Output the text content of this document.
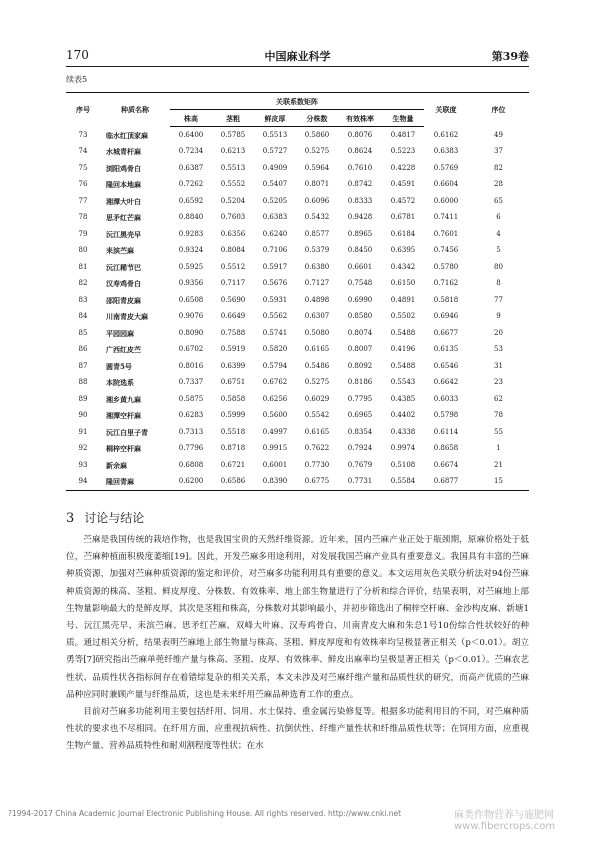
170	中国麻业科学	第39卷
续表5
序号	种质名称	关联系数矩阵						关联度	序位
		株高	茎粗	鲜皮厚	分株数	有效株率	生物量		
73	临水红顶家麻	0.6400	0.5785	0.5513	0.5860	0.8076	0.4817	0.6162	49
74	水城青杆麻	0.7234	0.6213	0.5727	0.5275	0.8624	0.5223	0.6383	37
75	浏阳鸡骨白	0.6387	0.5513	0.4909	0.5964	0.7610	0.4228	0.5769	82
76	隆回本地麻	0.7262	0.5552	0.5407	0.8071	0.8742	0.4591	0.6604	28
77	湘潭大叶白	0.6592	0.5204	0.5205	0.6096	0.8333	0.4572	0.6000	65
78	思矛红芒麻	0.8840	0.7603	0.6383	0.5432	0.9428	0.6781	0.7411	6
79	沅江黑壳早	0.9283	0.6356	0.6240	0.8577	0.8965	0.6184	0.7601	4
80	耒滨苎麻	0.9324	0.8084	0.7106	0.5379	0.8450	0.6395	0.7456	5
81	沅江稀节巴	0.5925	0.5512	0.5917	0.6380	0.6601	0.4342	0.5780	80
82	汉寿鸡骨白	0.9356	0.7117	0.5676	0.7127	0.7548	0.6150	0.7162	8
83	邵阳青皮麻	0.6508	0.5690	0.5931	0.4898	0.6990	0.4891	0.5818	77
84	川南青皮大麻	0.9076	0.6649	0.5562	0.6307	0.8580	0.5502	0.6946	9
85	平园园麻	0.8090	0.7588	0.5741	0.5080	0.8074	0.5488	0.6677	20
86	广西红皮苎	0.6702	0.5919	0.5820	0.6165	0.8007	0.4196	0.6135	53
87	圆青5号	0.8016	0.6399	0.5794	0.5486	0.8092	0.5488	0.6546	31
88	本院选系	0.7337	0.6751	0.6762	0.5275	0.8186	0.5543	0.6642	23
89	湘乡黄九麻	0.5875	0.5858	0.6256	0.6029	0.7795	0.4385	0.6033	62
90	湘潭空杆麻	0.6283	0.5999	0.5600	0.5542	0.6965	0.4402	0.5798	78
91	沅江白里子青	0.7313	0.5518	0.4997	0.6165	0.8354	0.4338	0.6114	55
92	桐梓空杆麻	0.7796	0.8718	0.9915	0.7622	0.7924	0.9974	0.8658	1
93	新余麻	0.6808	0.6721	0.6001	0.7730	0.7679	0.5108	0.6674	21
94	隆回青麻	0.6200	0.6586	0.8390	0.6775	0.7731	0.5584	0.6877	15
3 讨论与结论

苎麻是我国传统的栽培作物，也是我国宝贵的天然纤维资源。近年来，国内苎麻产业正处于瓶颈期，原麻价格处于低位，苎麻种植面积极度萎缩[19]。因此，开发苎麻多用途利用，对发展我国苎麻产业具有重要意义。我国具有丰富的苎麻种质资源，加强对苎麻种质资源的鉴定和评价，对苎麻多功能利用具有重要的意义。本文运用灰色关联分析法对94份苎麻种质资源的株高、茎粗、鲜皮厚度、分株数、有效株率、地上部生物量进行了分析和综合评价，结果表明，对苎麻地上部生物量影响最大的是鲜皮厚，其次是茎粗和株高，分株数对其影响最小，并初步筛选出了桐梓空杆麻、金沙构皮麻、新塘1号、沅江黑壳早、耒滨苎麻、思矛红芒麻、双峰大叶麻、汉寿鸡骨白、川南青皮大麻和朱总1号10份综合性状较好的种质。通过相关分析，结果表明苎麻地上部生物量与株高、茎粗、鲜皮厚度和有效株率均呈极显著正相关（p＜0.01）。胡立勇等[7]研究指出苎麻单蔸纤维产量与株高、茎粗、皮厚、有效株率、鲜皮出麻率均呈极显著正相关（p＜0.01）。苎麻农艺性状、品质性状各指标间存在着错综复杂的相关关系，本文未涉及对苎麻纤维产量和品质性状的研究，而高产优质的苎麻品种应同时兼顾产量与纤维品质，这也是未来纤用苎麻品种选育工作的重点。

目前对苎麻多功能利用主要包括纤用、饲用、水土保持、重金属污染修复等。根据多功能利用目的不同，对苎麻种质性状的要求也不尽相同。在纤用方面，应重视抗病性、抗倒伏性、纤维产量性状和纤维品质性状等；在饲用方面，应重视生物产量、营养品质特性和耐刈割程度等性状；在水

?1994-2017 China Academic Journal Electronic Publishing House. All rights reserved. http://www.cnki.net	麻类作物营养与施肥网 www.fibercrops.com
